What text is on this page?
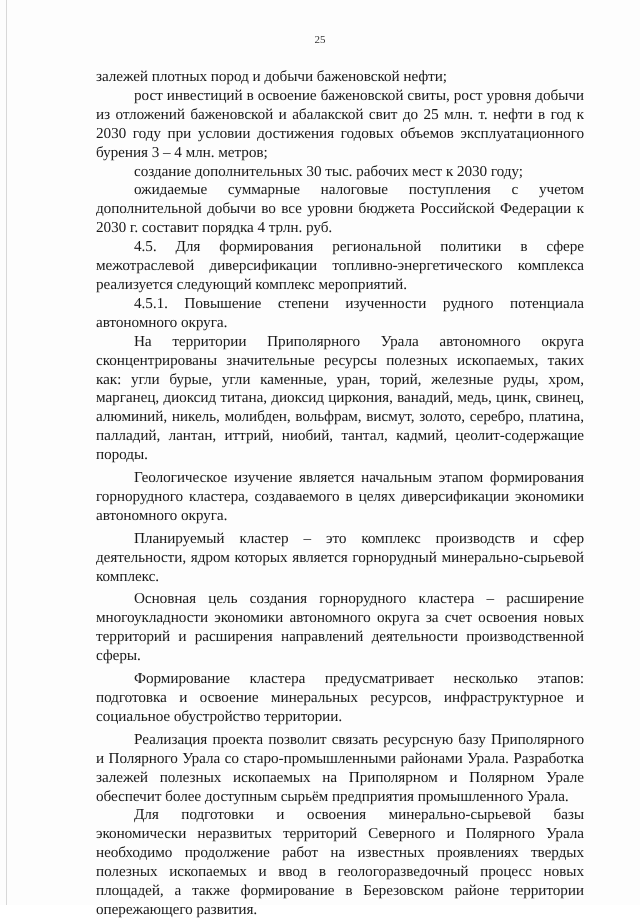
25

залежей плотных пород и добычи баженовской нефти;

рост инвестиций в освоение баженовской свиты, рост уровня добычи из отложений баженовской и абалакской свит до 25 млн. т. нефти в год к 2030 году при условии достижения годовых объемов эксплуатационного бурения 3 – 4 млн. метров;

создание дополнительных 30 тыс. рабочих мест к 2030 году;

ожидаемые суммарные налоговые поступления с учетом дополнительной добычи во все уровни бюджета Российской Федерации к 2030 г. составит порядка 4 трлн. руб.

4.5. Для формирования региональной политики в сфере межотраслевой диверсификации топливно-энергетического комплекса реализуется следующий комплекс мероприятий.

4.5.1. Повышение степени изученности рудного потенциала автономного округа.

На территории Приполярного Урала автономного округа сконцентрированы значительные ресурсы полезных ископаемых, таких как: угли бурые, угли каменные, уран, торий, железные руды, хром, марганец, диоксид титана, диоксид циркония, ванадий, медь, цинк, свинец, алюминий, никель, молибден, вольфрам, висмут, золото, серебро, платина, палладий, лантан, иттрий, ниобий, тантал, кадмий, цеолит-содержащие породы.

Геологическое изучение является начальным этапом формирования горнорудного кластера, создаваемого в целях диверсификации экономики автономного округа.

Планируемый кластер – это комплекс производств и сфер деятельности, ядром которых является горнорудный минерально-сырьевой комплекс.

Основная цель создания горнорудного кластера – расширение многоукладности экономики автономного округа за счет освоения новых территорий и расширения направлений деятельности производственной сферы.

Формирование кластера предусматривает несколько этапов: подготовка и освоение минеральных ресурсов, инфраструктурное и социальное обустройство территории.

Реализация проекта позволит связать ресурсную базу Приполярного и Полярного Урала со старо-промышленными районами Урала. Разработка залежей полезных ископаемых на Приполярном и Полярном Урале обеспечит более доступным сырьём предприятия промышленного Урала.

Для подготовки и освоения минерально-сырьевой базы экономически неразвитых территорий Северного и Полярного Урала необходимо продолжение работ на известных проявлениях твердых полезных ископаемых и ввод в геологоразведочный процесс новых площадей, а также формирование в Березовском районе территории опережающего развития.
